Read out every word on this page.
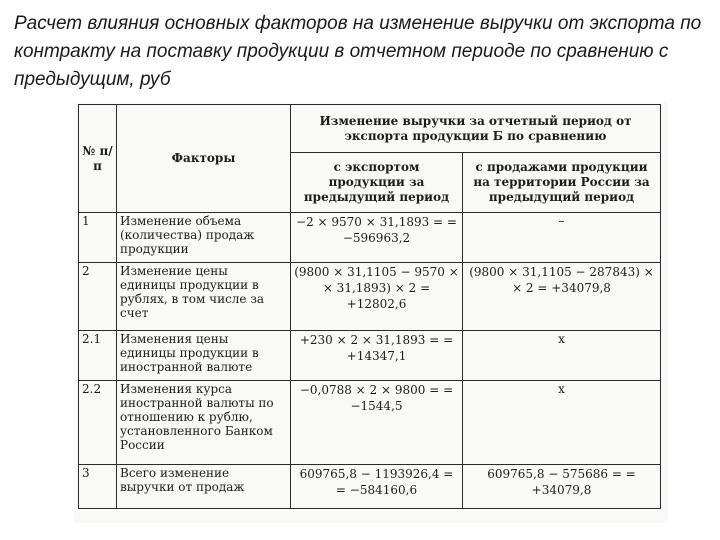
Расчет влияния основных факторов на изменение выручки от экспорта по контракту на поставку продукции в отчетном периоде по сравнению с предыдущим, руб

№ п/п	Факторы	Изменение выручки за отчетный период от экспорта продукции Б по сравнению	
		с экспортом продукции за предыдущий период	с продажами продукции на территории России за предыдущий период
1	Изменение объема (количества) продаж продукции	−2 × 9570 × 31,1893 = = −596963,2	–
2	Изменение цены единицы продукции в рублях, в том числе за счет	(9800 × 31,1105 − 9570 × × 31,1893) × 2 = +12802,6	(9800 × 31,1105 − 287843) × × 2 = +34079,8
2.1	Изменения цены единицы продукции в иностранной валюте	+230 × 2 × 31,1893 = = +14347,1	x
2.2	Изменения курса иностранной валюты по отношению к рублю, установленного Банком России	−0,0788 × 2 × 9800 = = −1544,5	x
3	Всего изменение выручки от продаж	609765,8 − 1193926,4 = = −584160,6	609765,8 − 575686 = = +34079,8
